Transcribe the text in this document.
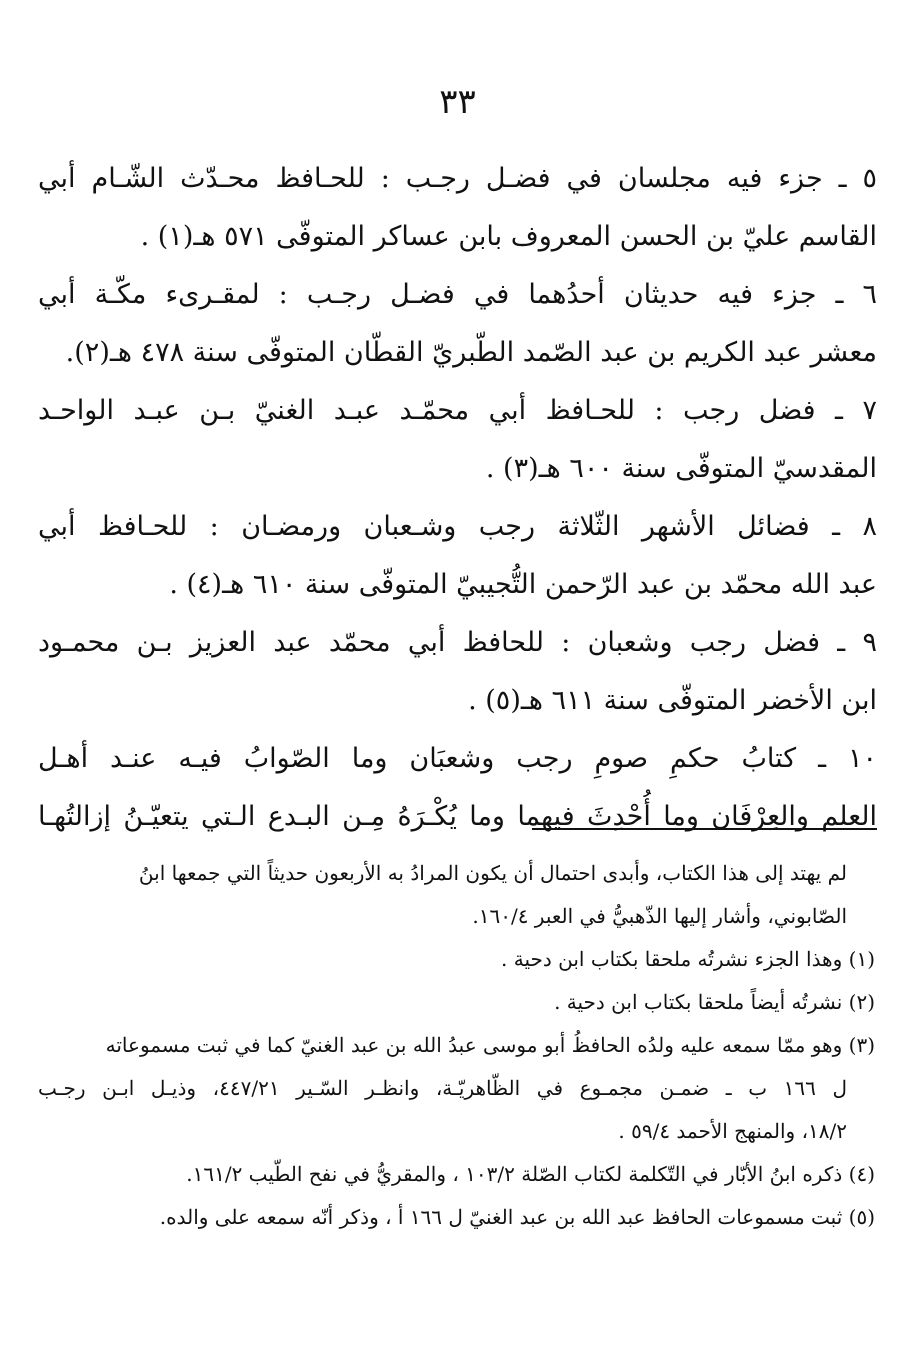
٣٣

٥ ـ جزء فيه مجلسان في فضـل رجـب : للحـافظ محـدّث الشّـام أبي
القاسم عليّ بن الحسن المعروف بابن عساكر المتوفّى ٥٧١ هـ(١) .

٦ ـ جزء فيه حديثان أحدُهما في فضـل رجـب : لمقـرىء مكّـة أبي
معشر عبد الكريم بن عبد الصّمد الطّبريّ القطّان المتوفّى سنة ٤٧٨ هـ(٢).

٧ ـ فضل رجب : للحـافظ أبي محمّـد عبـد الغنيّ بـن عبـد الواحـد
المقدسيّ المتوفّى سنة ٦٠٠ هـ(٣) .

٨ ـ فضائل الأشهر الثّلاثة رجب وشـعبان ورمضـان : للحـافظ أبي
عبد الله محمّد بن عبد الرّحمن التُّجيبيّ المتوفّى سنة ٦١٠ هـ(٤) .

٩ ـ فضل رجب وشعبان : للحافظ أبي محمّد عبد العزيز بـن محمـود
ابن الأخضر المتوفّى سنة ٦١١ هـ(٥) .

١٠ ـ كتابُ حكمِ صومِ رجب وشعبَان وما الصّوابُ فيـه عنـد أهـل
العلم والعِرْفَان وما أُحْدِثَ فيهما وما يُكْـرَهُ مِـن البـدع الـتي يتعيّـنُ إزالتُهـا

لم يهتد إلى هذا الكتاب، وأبدى احتمال أن يكون المرادُ به الأربعون حديثاً التي جمعها ابنُ
الصّابوني، وأشار إليها الذّهبيُّ في العبر ١٦٠/٤.

(١) وهذا الجزء نشرتُه ملحقا بكتاب ابن دحية .

(٢) نشرتُه أيضاً ملحقا بكتاب ابن دحية .

(٣) وهو ممّا سمعه عليه ولدُه الحافظُ أبو موسى عبدُ الله بن عبد الغنيّ كما في ثبت مسموعاته
ل ١٦٦ ب ـ ضمـن مجمـوع في الظّاهريّـة، وانظـر السّـير ٤٤٧/٢١، وذيـل ابـن رجـب
١٨/٢، والمنهج الأحمد ٥٩/٤ .

(٤) ذكره ابنُ الأبّار في التّكلمة لكتاب الصّلة ١٠٣/٢ ، والمقريُّ في نفح الطّيب ١٦١/٢.

(٥) ثبت مسموعات الحافظ عبد الله بن عبد الغنيّ ل ١٦٦ أ ، وذكر أنّه سمعه على والده.
